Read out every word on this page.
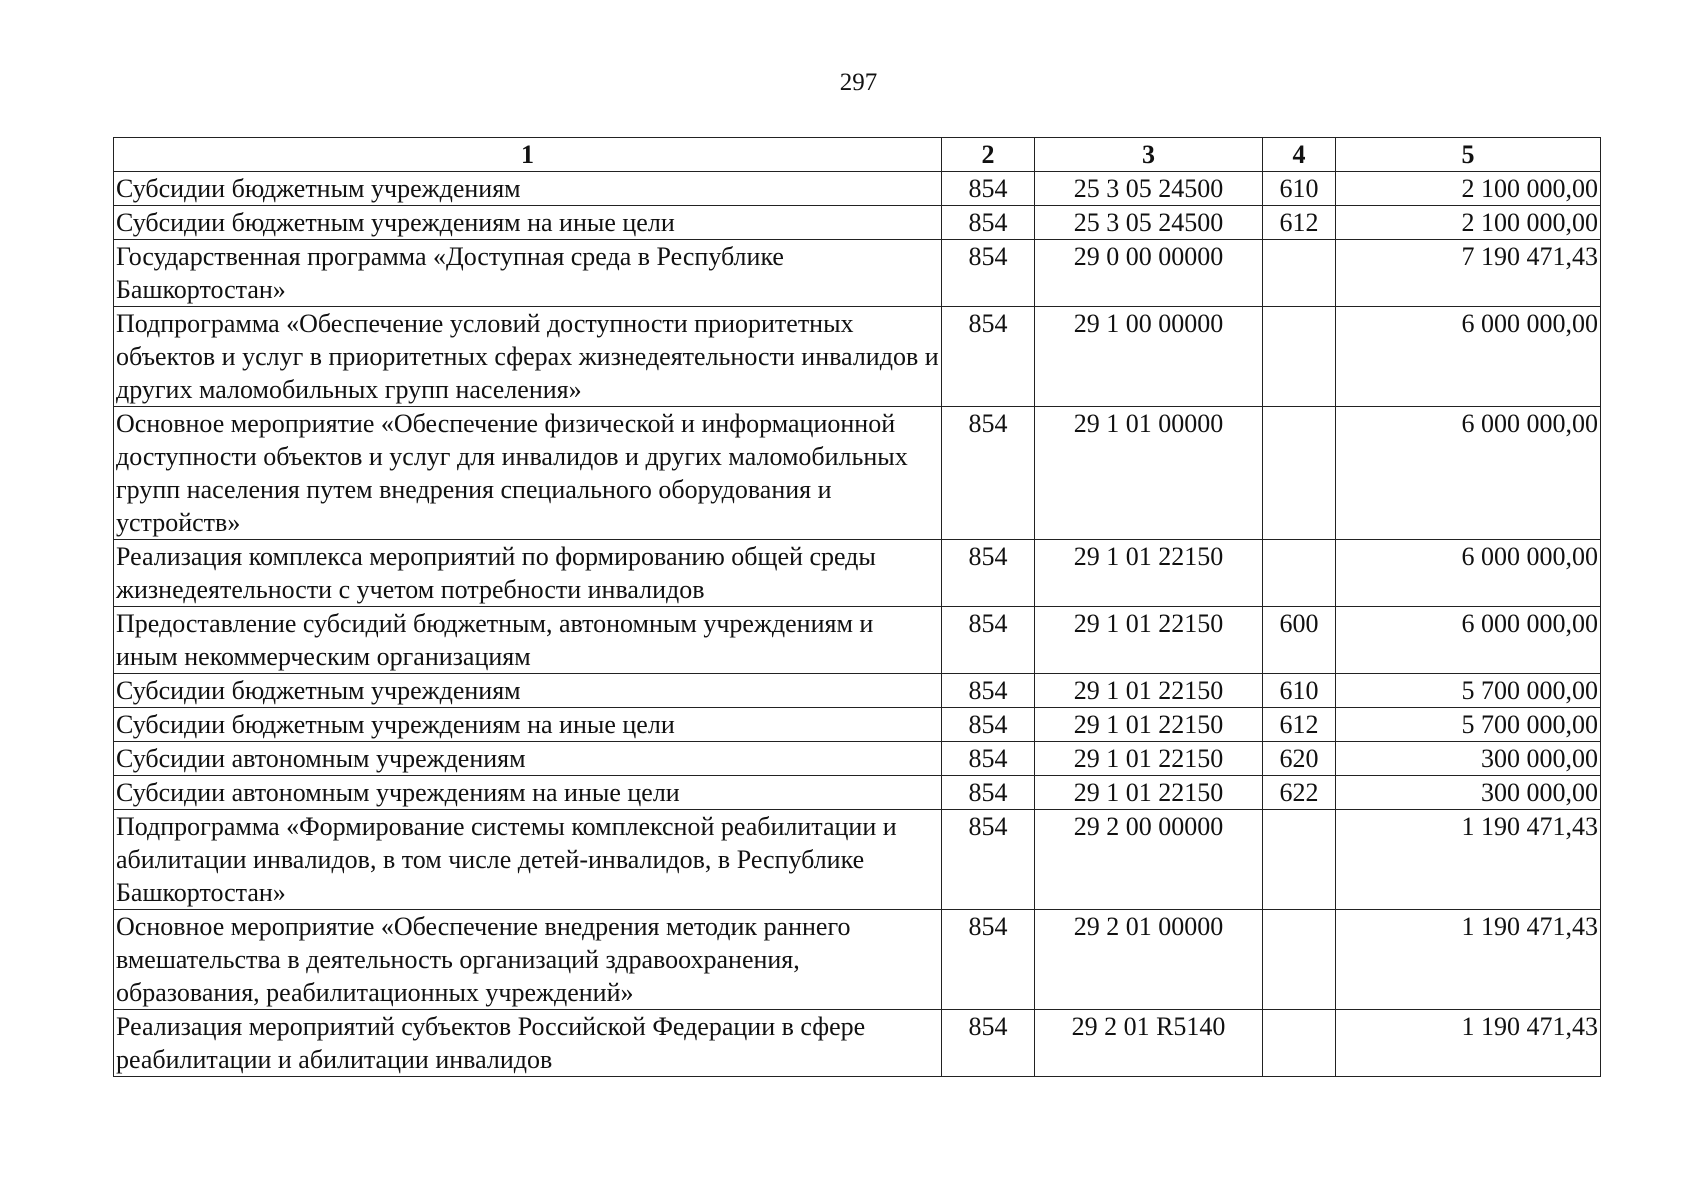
297
1	2	3	4	5
Субсидии бюджетным учреждениям	854	25 3 05 24500	610	2 100 000,00
Субсидии бюджетным учреждениям на иные цели	854	25 3 05 24500	612	2 100 000,00
Государственная программа «Доступная среда в Республике Башкортостан»	854	29 0 00 00000		7 190 471,43
Подпрограмма «Обеспечение условий доступности приоритетных объектов и услуг в приоритетных сферах жизнедеятельности инвалидов и других маломобильных групп населения»	854	29 1 00 00000		6 000 000,00
Основное мероприятие «Обеспечение физической и информационной доступности объектов и услуг для инвалидов и других маломобильных групп населения путем внедрения специального оборудования и устройств»	854	29 1 01 00000		6 000 000,00
Реализация комплекса мероприятий по формированию общей среды жизнедеятельности с учетом потребности инвалидов	854	29 1 01 22150		6 000 000,00
Предоставление субсидий бюджетным, автономным учреждениям и иным некоммерческим организациям	854	29 1 01 22150	600	6 000 000,00
Субсидии бюджетным учреждениям	854	29 1 01 22150	610	5 700 000,00
Субсидии бюджетным учреждениям на иные цели	854	29 1 01 22150	612	5 700 000,00
Субсидии автономным учреждениям	854	29 1 01 22150	620	300 000,00
Субсидии автономным учреждениям на иные цели	854	29 1 01 22150	622	300 000,00
Подпрограмма «Формирование системы комплексной реабилитации и абилитации инвалидов, в том числе детей-инвалидов, в Республике Башкортостан»	854	29 2 00 00000		1 190 471,43
Основное мероприятие «Обеспечение внедрения методик раннего вмешательства в деятельность организаций здравоохранения, образования, реабилитационных учреждений»	854	29 2 01 00000		1 190 471,43
Реализация мероприятий субъектов Российской Федерации в сфере реабилитации и абилитации инвалидов	854	29 2 01 R5140		1 190 471,43
